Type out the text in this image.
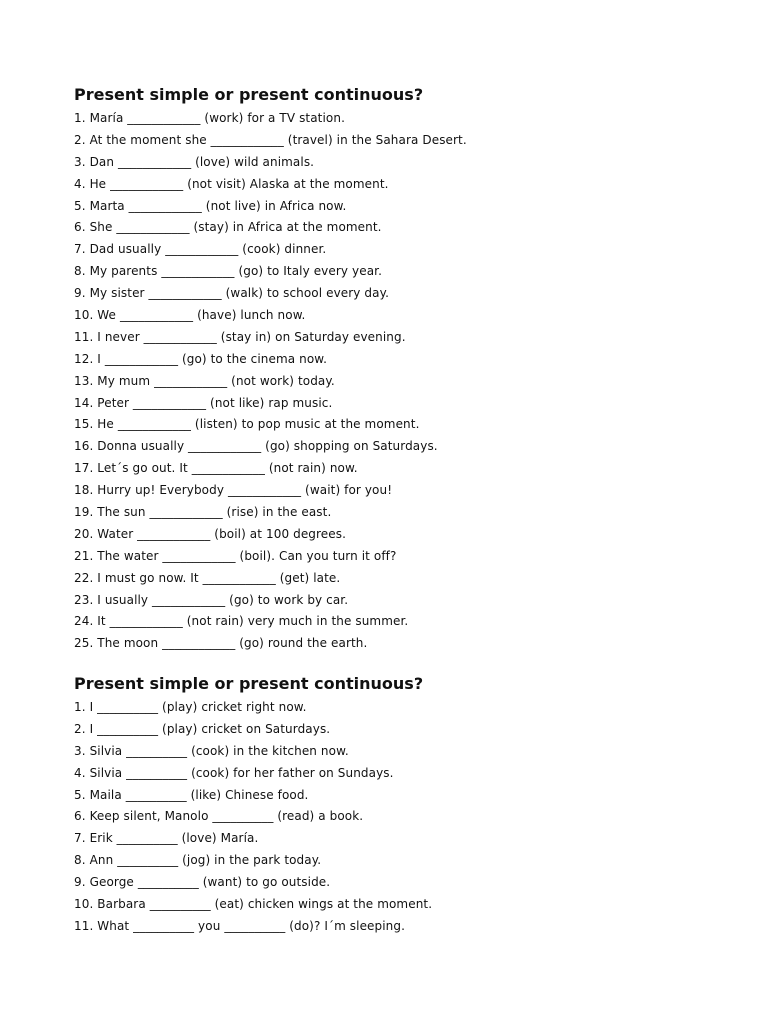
Present simple or present continuous?
1. María ____________ (work) for a TV station.
2. At the moment she ____________ (travel) in the Sahara Desert.
3. Dan ____________ (love) wild animals.
4. He ____________ (not visit) Alaska at the moment.
5. Marta ____________ (not live) in Africa now.
6. She ____________ (stay) in Africa at the moment.
7. Dad usually ____________ (cook) dinner.
8. My parents ____________ (go) to Italy every year.
9. My sister ____________ (walk) to school every day.
10. We ____________ (have) lunch now.
11. I never ____________ (stay in) on Saturday evening.
12. I ____________ (go) to the cinema now.
13. My mum ____________ (not work) today.
14. Peter ____________ (not like) rap music.
15. He ____________ (listen) to pop music at the moment.
16. Donna usually ____________ (go) shopping on Saturdays.
17. Let´s go out. It ____________ (not rain) now.
18. Hurry up! Everybody ____________ (wait) for you!
19. The sun ____________ (rise) in the east.
20. Water ____________ (boil) at 100 degrees.
21. The water ____________ (boil). Can you turn it off?
22. I must go now. It ____________ (get) late.
23. I usually ____________ (go) to work by car.
24. It ____________ (not rain) very much in the summer.
25. The moon ____________ (go) round the earth.
Present simple or present continuous?
1. I __________ (play) cricket right now.
2. I __________ (play) cricket on Saturdays.
3. Silvia __________ (cook) in the kitchen now.
4. Silvia __________ (cook) for her father on Sundays.
5. Maila __________ (like) Chinese food.
6. Keep silent, Manolo __________ (read) a book.
7. Erik __________ (love) María.
8. Ann __________ (jog) in the park today.
9. George __________ (want) to go outside.
10. Barbara __________ (eat) chicken wings at the moment.
11. What __________ you __________ (do)? I´m sleeping.
